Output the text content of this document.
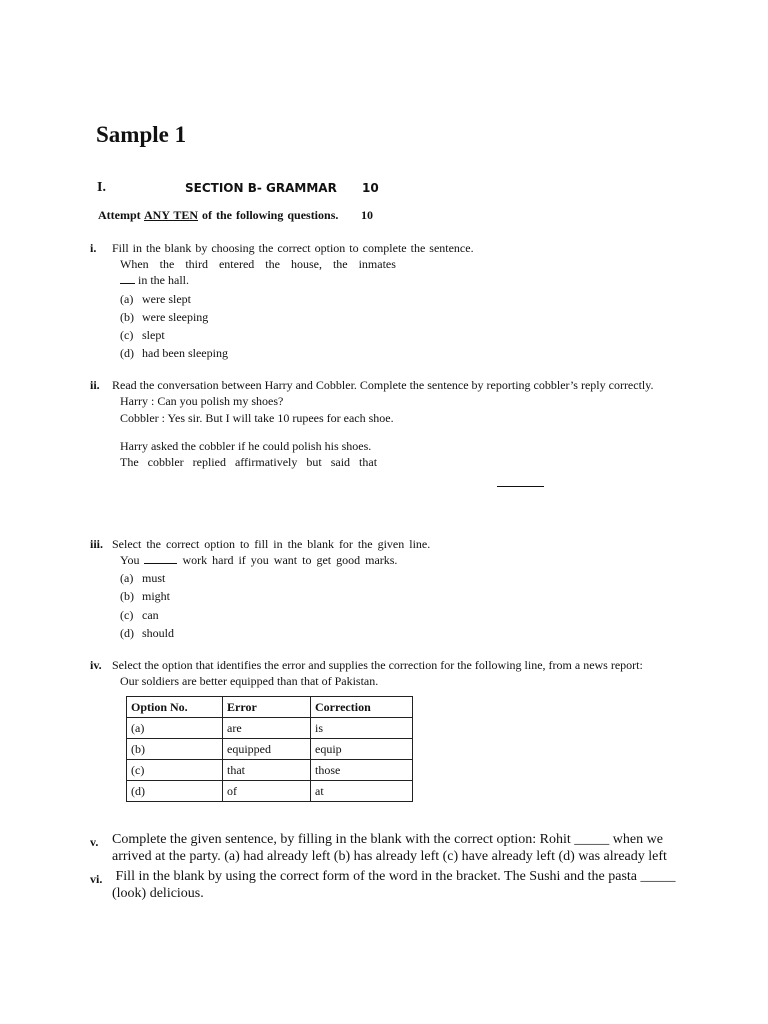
Sample 1
I.	SECTION B- GRAMMAR 10
Attempt ANY TEN of the following questions. 10
i. Fill in the blank by choosing the correct option to complete the sentence.
When the third entered the house, the inmates
in the hall.
(a) were slept
(b) were sleeping
(c) slept
(d) had been sleeping
ii. Read the conversation between Harry and Cobbler. Complete the sentence by reporting cobbler’s reply correctly.
Harry : Can you polish my shoes?
Cobbler : Yes sir. But I will take 10 rupees for each shoe.
Harry asked the cobbler if he could polish his shoes.
The cobbler replied affirmatively but said that
iii. Select the correct option to fill in the blank for the given line.
You	work hard if you want to get good marks.
(a) must
(b) might
(c) can
(d) should
iv. Select the option that identifies the error and supplies the correction for the following line, from a news report:
Our soldiers are better equipped than that of Pakistan.
Option No.	Error	Correction
(a)	are	is
(b)	equipped	equip
(c)	that	those
(d)	of	at
v. Complete the given sentence, by filling in the blank with the correct option: Rohit _____ when we
arrived at the party. (a) had already left (b) has already left (c) have already left (d) was already left
vi. Fill in the blank by using the correct form of the word in the bracket. The Sushi and the pasta _____
(look) delicious.
